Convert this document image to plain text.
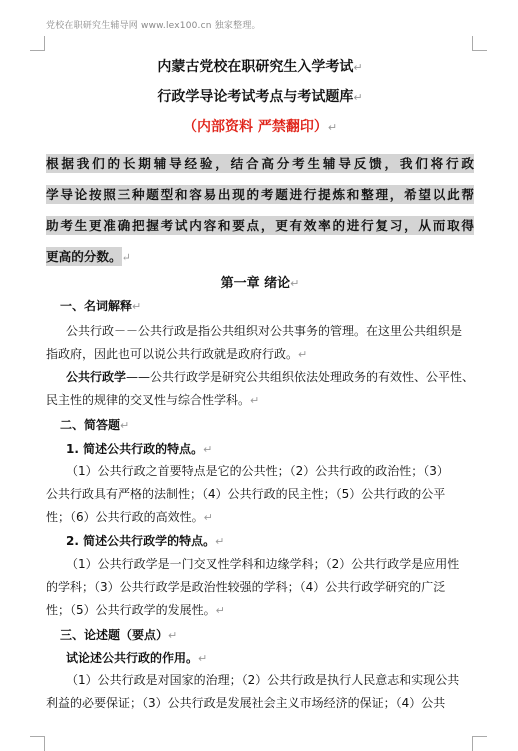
党校在职研究生辅导网 www.lex100.cn 独家整理。
内蒙古党校在职研究生入学考试↵
行政学导论考试考点与考试题库↵
（内部资料 严禁翻印）↵
根据我们的长期辅导经验，结合高分考生辅导反馈，我们将行政
学导论按照三种题型和容易出现的考题进行提炼和整理，希望以此帮
助考生更准确把握考试内容和要点，更有效率的进行复习，从而取得
更高的分数。↵
第一章 绪论↵
一、名词解释↵
公共行政－－公共行政是指公共组织对公共事务的管理。在这里公共组织是
指政府，因此也可以说公共行政就是政府行政。↵
公共行政学——公共行政学是研究公共组织依法处理政务的有效性、公平性、
民主性的规律的交叉性与综合性学科。↵
二、简答题↵
1. 简述公共行政的特点。↵
（1）公共行政之首要特点是它的公共性；（2）公共行政的政治性；（3）
公共行政具有严格的法制性；（4）公共行政的民主性；（5）公共行政的公平
性；（6）公共行政的高效性。↵
2. 简述公共行政学的特点。↵
（1）公共行政学是一门交叉性学科和边缘学科；（2）公共行政学是应用性
的学科；（3）公共行政学是政治性较强的学科；（4）公共行政学研究的广泛
性；（5）公共行政学的发展性。↵
三、论述题（要点）↵
试论述公共行政的作用。↵
（1）公共行政是对国家的治理；（2）公共行政是执行人民意志和实现公共
利益的必要保证；（3）公共行政是发展社会主义市场经济的保证；（4）公共
